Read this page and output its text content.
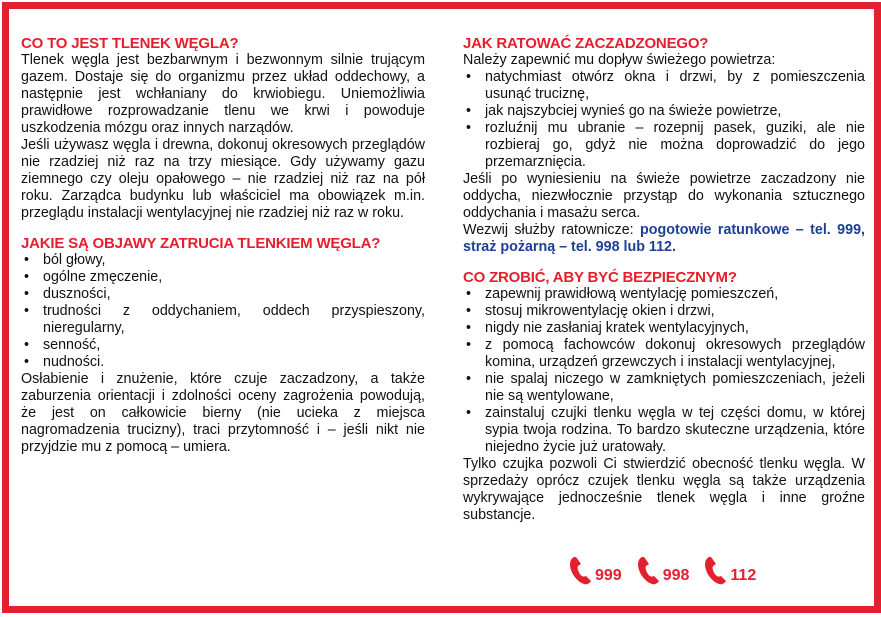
CO TO JEST TLENEK WĘGLA?

Tlenek węgla jest bezbarwnym i bezwonnym silnie trującym gazem. Dostaje się do organizmu przez układ oddechowy, a następnie jest wchłaniany do krwiobiegu. Uniemożliwia prawidłowe rozprowadzanie tlenu we krwi i powoduje uszkodzenia mózgu oraz innych narządów.

Jeśli używasz węgla i drewna, dokonuj okresowych przeglądów nie rzadziej niż raz na trzy miesiące. Gdy używamy gazu ziemnego czy oleju opałowego – nie rzadziej niż raz na pół roku. Zarządca budynku lub właściciel ma obowiązek m.in. przeglądu instalacji wentylacyjnej nie rzadziej niż raz w roku.

JAKIE SĄ OBJAWY ZATRUCIA TLENKIEM WĘGLA?
• ból głowy,
• ogólne zmęczenie,
• duszności,
• trudności z oddychaniem, oddech przyspieszony, nieregularny,
• senność,
• nudności.

Osłabienie i znużenie, które czuje zaczadzony, a także zaburzenia orientacji i zdolności oceny zagrożenia powodują, że jest on całkowicie bierny (nie ucieka z miejsca nagromadzenia trucizny), traci przytomność i – jeśli nikt nie przyjdzie mu z pomocą – umiera.

JAK RATOWAĆ ZACZADZONEGO?

Należy zapewnić mu dopływ świeżego powietrza:

• natychmiast otwórz okna i drzwi, by z pomieszczenia usunąć truciznę,
• jak najszybciej wynieś go na świeże powietrze,
• rozluźnij mu ubranie – rozepnij pasek, guziki, ale nie rozbieraj go, gdyż nie można doprowadzić do jego przemarznięcia.

Jeśli po wyniesieniu na świeże powietrze zaczadzony nie oddycha, niezwłocznie przystąp do wykonania sztucznego oddychania i masażu serca.

Wezwij służby ratownicze: pogotowie ratunkowe – tel. 999, straż pożarną – tel. 998 lub 112.

CO ZROBIĆ, ABY BYĆ BEZPIECZNYM?
• zapewnij prawidłową wentylację pomieszczeń,
• stosuj mikrowentylację okien i drzwi,
• nigdy nie zasłaniaj kratek wentylacyjnych,
• z pomocą fachowców dokonuj okresowych przeglądów komina, urządzeń grzewczych i instalacji wentylacyjnej,
• nie spalaj niczego w zamkniętych pomieszczeniach, jeżeli nie są wentylowane,
• zainstaluj czujki tlenku węgla w tej części domu, w której sypia twoja rodzina. To bardzo skuteczne urządzenia, które niejedno życie już uratowały.

Tylko czujka pozwoli Ci stwierdzić obecność tlenku węgla. W sprzedaży oprócz czujek tlenku węgla są także urządzenia wykrywające jednocześnie tlenek węgla i inne groźne substancje.

999	998	112
